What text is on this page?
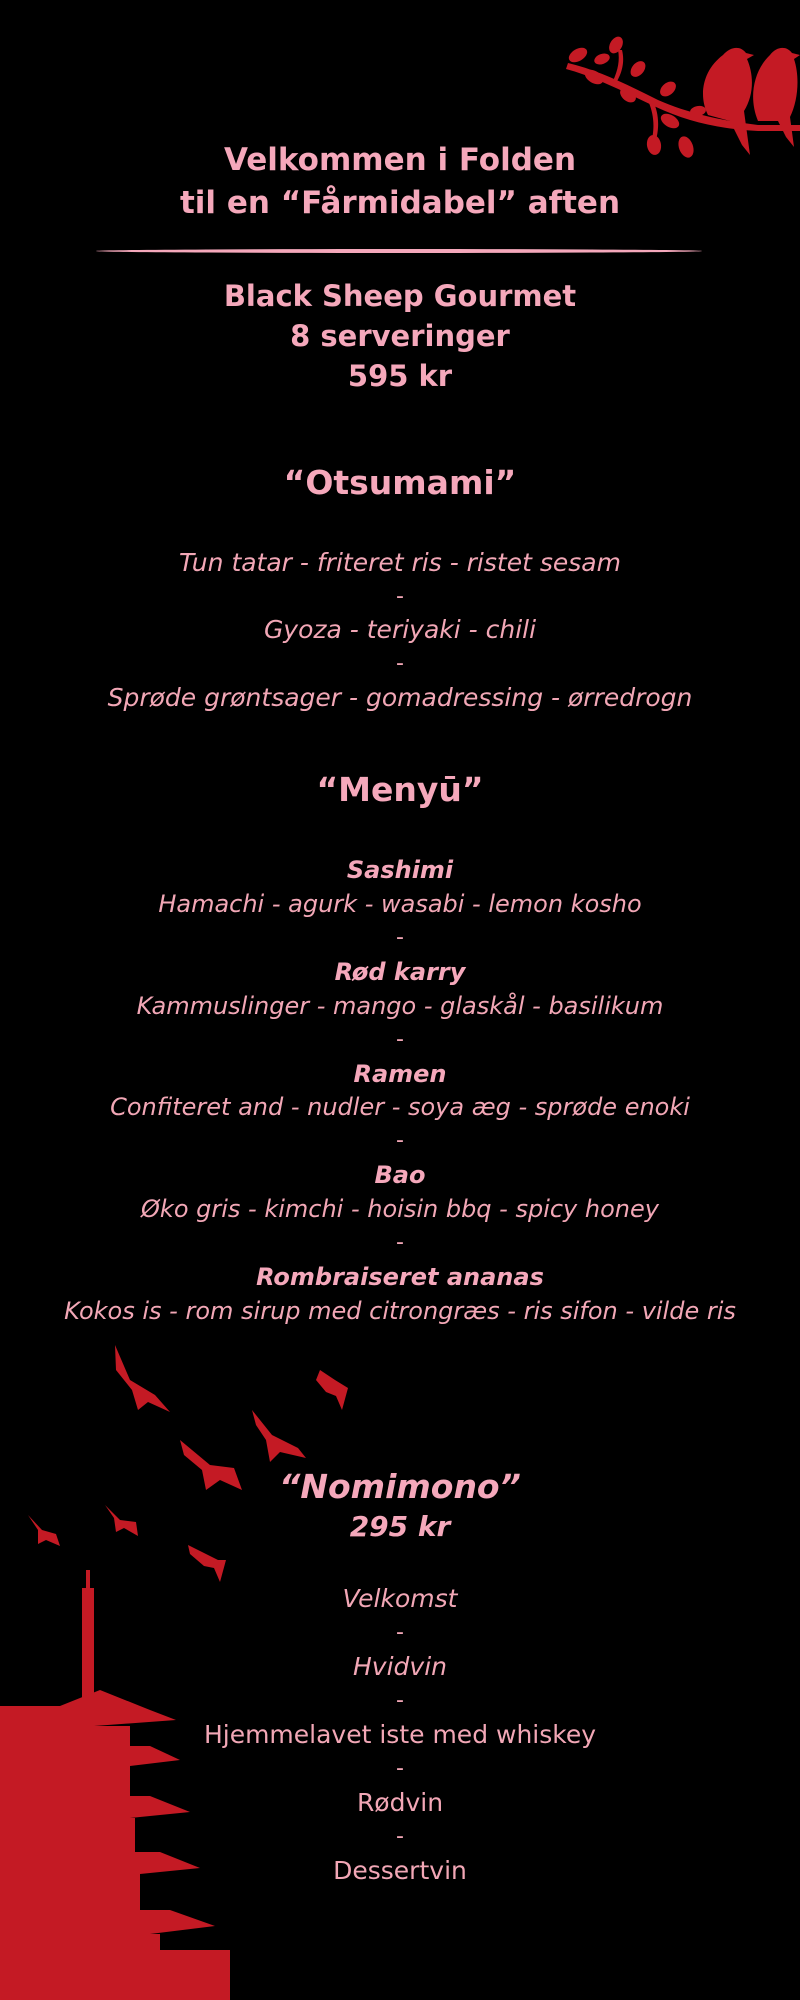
Velkommen i Folden
til en “Fårmidabel” aften
Black Sheep Gourmet
8 serveringer
595 kr
“Otsumami”
Tun tatar - friteret ris - ristet sesam
-
Gyoza - teriyaki - chili
-
Sprøde grøntsager - gomadressing - ørredrogn
“Menyū”
Sashimi
Hamachi - agurk - wasabi - lemon kosho
-
Rød karry
Kammuslinger - mango - glaskål - basilikum
-
Ramen
Confiteret and - nudler - soya æg - sprøde enoki
-
Bao
Øko gris - kimchi - hoisin bbq - spicy honey
-
Rombraiseret ananas
Kokos is - rom sirup med citrongræs - ris sifon - vilde ris
“Nomimono”
295 kr
Velkomst
-
Hvidvin
-
Hjemmelavet iste med whiskey
-
Rødvin
-
Dessertvin
